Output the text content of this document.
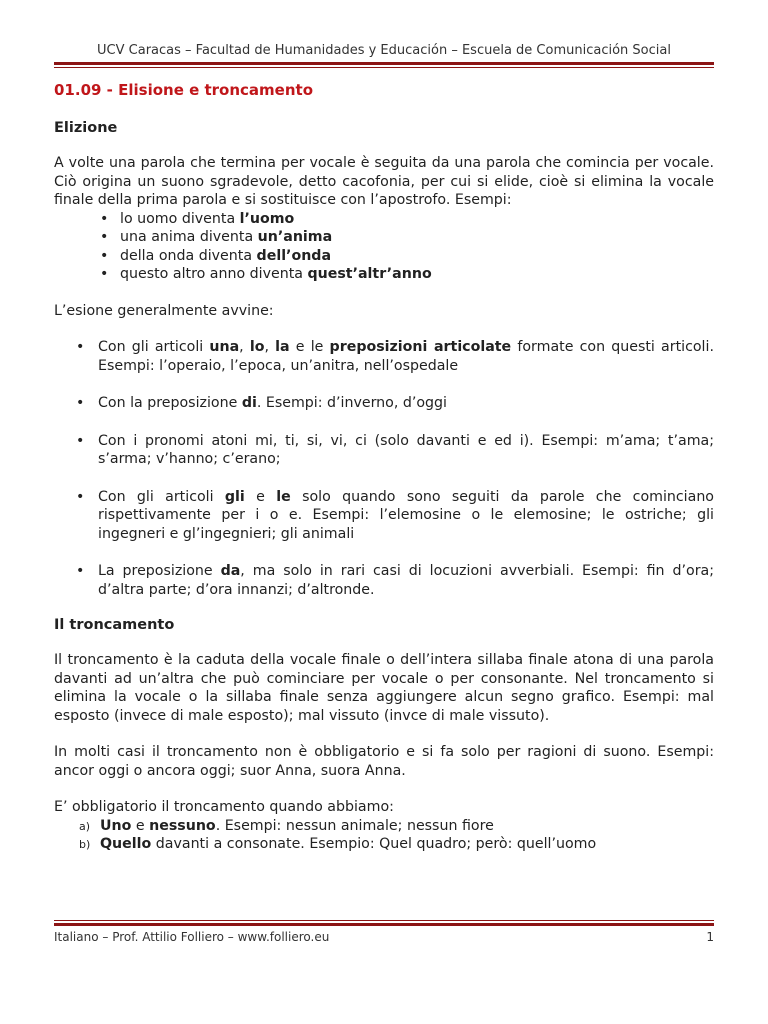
UCV Caracas – Facultad de Humanidades y Educación – Escuela de Comunicación Social
01.09 - Elisione e troncamento
Elizione

A volte una parola che termina per vocale è seguita da una parola che comincia per vocale. Ciò origina un suono sgradevole, detto cacofonia, per cui si elide, cioè si elimina la vocale finale della prima parola e si sostituisce con l’apostrofo. Esempi:

• lo uomo diventa l’uomo
• una anima diventa un’anima
• della onda diventa dell’onda
• questo altro anno diventa quest’altr’anno

L’esione generalmente avvine:

• Con gli articoli una, lo, la e le preposizioni articolate formate con questi articoli. Esempi: l’operaio, l’epoca, un’anitra, nell’ospedale
• Con la preposizione di. Esempi: d’inverno, d’oggi
• Con i pronomi atoni mi, ti, si, vi, ci (solo davanti e ed i). Esempi: m’ama; t’ama; s’arma; v’hanno; c’erano;
• Con gli articoli gli e le solo quando sono seguiti da parole che cominciano rispettivamente per i o e. Esempi: l’elemosine o le elemosine; le ostriche; gli ingegneri e gl’ingegnieri; gli animali
• La preposizione da, ma solo in rari casi di locuzioni avverbiali. Esempi: fin d’ora; d’altra parte; d’ora innanzi; d’altronde.
Il troncamento

Il troncamento è la caduta della vocale finale o dell’intera sillaba finale atona di una parola davanti ad un’altra che può cominciare per vocale o per consonante. Nel troncamento si elimina la vocale o la sillaba finale senza aggiungere alcun segno grafico. Esempi: mal esposto (invece di male esposto); mal vissuto (invce di male vissuto).

In molti casi il troncamento non è obbligatorio e si fa solo per ragioni di suono. Esempi: ancor oggi o ancora oggi; suor Anna, suora Anna.

E’ obbligatorio il troncamento quando abbiamo:

a) Uno e nessuno. Esempi: nessun animale; nessun fiore
b) Quello davanti a consonate. Esempio: Quel quadro; però: quell’uomo
Italiano – Prof. Attilio Folliero – www.folliero.eu	1
